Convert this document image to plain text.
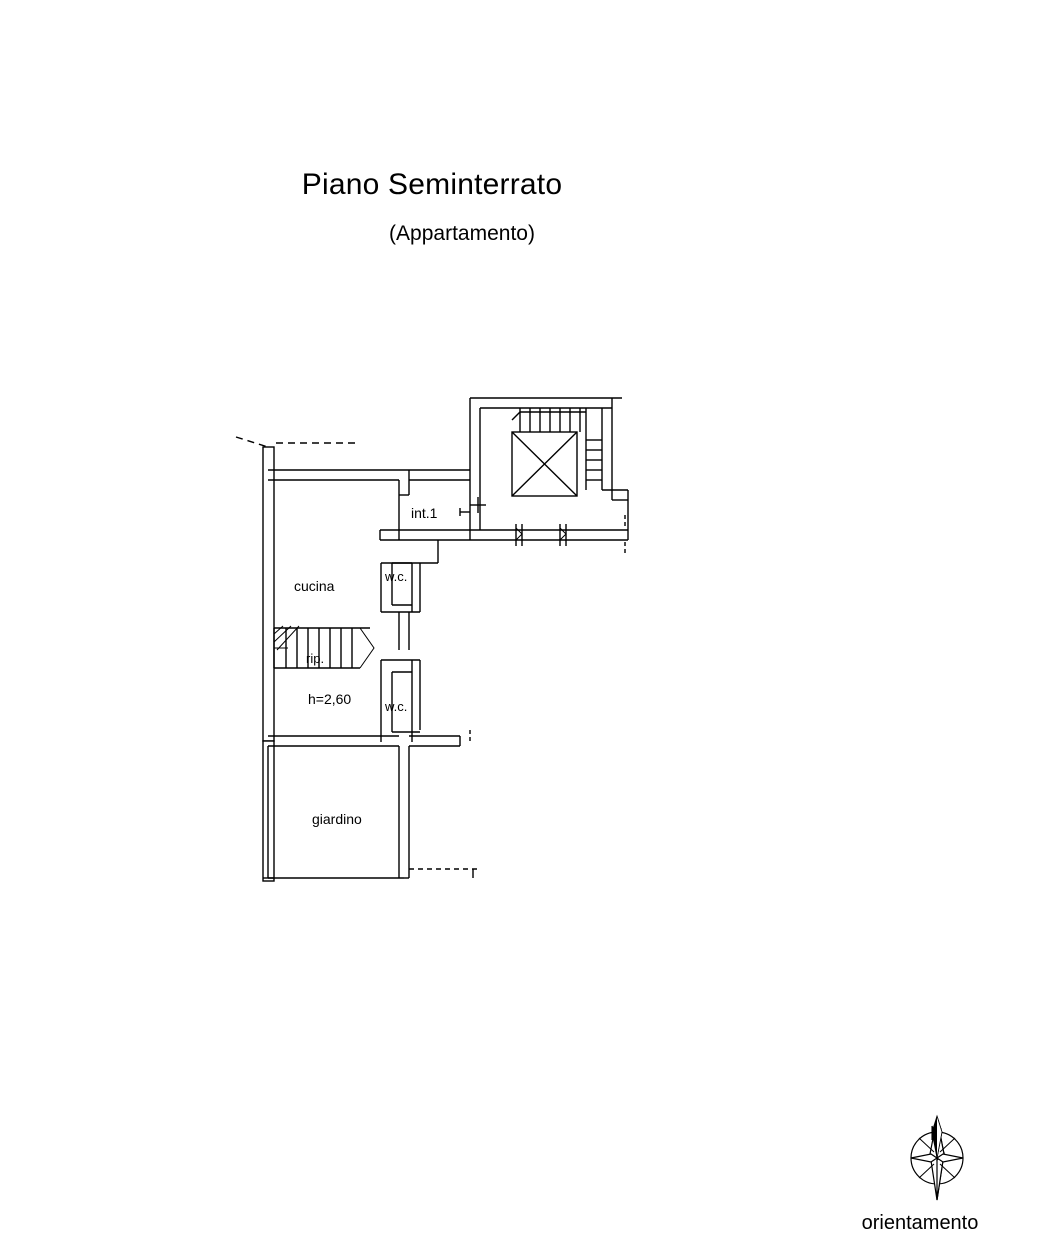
Piano Seminterrato
(Appartamento)
int.1
cucina
w.c.
rip.
h=2,60	w.c.
giardino
orientamento
